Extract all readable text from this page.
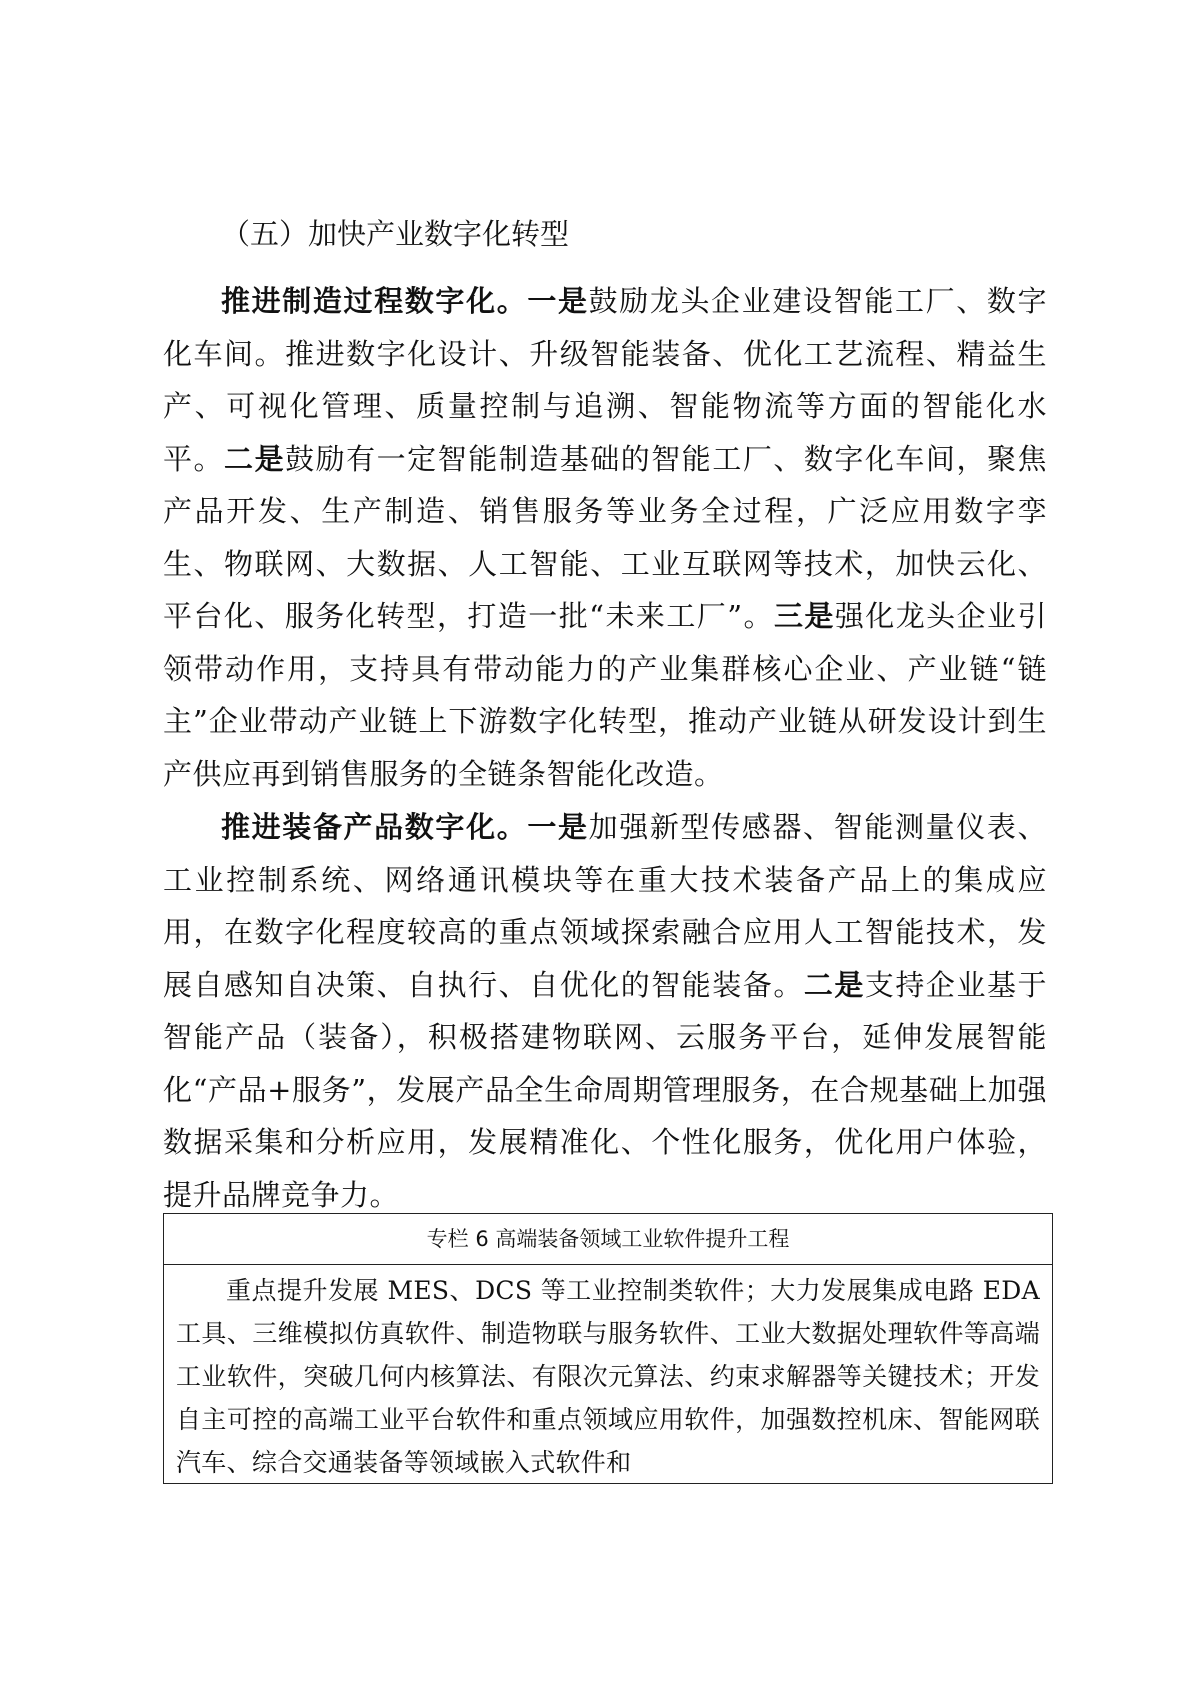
（五）加快产业数字化转型

推进制造过程数字化。一是鼓励龙头企业建设智能工厂、数字化车间。推进数字化设计、升级智能装备、优化工艺流程、精益生产、可视化管理、质量控制与追溯、智能物流等方面的智能化水平。二是鼓励有一定智能制造基础的智能工厂、数字化车间，聚焦产品开发、生产制造、销售服务等业务全过程，广泛应用数字孪生、物联网、大数据、人工智能、工业互联网等技术，加快云化、平台化、服务化转型，打造一批“未来工厂”。三是强化龙头企业引领带动作用，支持具有带动能力的产业集群核心企业、产业链“链主”企业带动产业链上下游数字化转型，推动产业链从研发设计到生产供应再到销售服务的全链条智能化改造。

推进装备产品数字化。一是加强新型传感器、智能测量仪表、工业控制系统、网络通讯模块等在重大技术装备产品上的集成应用，在数字化程度较高的重点领域探索融合应用人工智能技术，发展自感知自决策、自执行、自优化的智能装备。二是支持企业基于智能产品（装备），积极搭建物联网、云服务平台，延伸发展智能化“产品+服务”，发展产品全生命周期管理服务，在合规基础上加强数据采集和分析应用，发展精准化、个性化服务，优化用户体验，提升品牌竞争力。

专栏 6 高端装备领域工业软件提升工程
重点提升发展 MES、DCS 等工业控制类软件；大力发展集成电路 EDA 工具、三维模拟仿真软件、制造物联与服务软件、工业大数据处理软件等高端工业软件，突破几何内核算法、有限次元算法、约束求解器等关键技术；开发自主可控的高端工业平台软件和重点领域应用软件，加强数控机床、智能网联汽车、综合交通装备等领域嵌入式软件和
